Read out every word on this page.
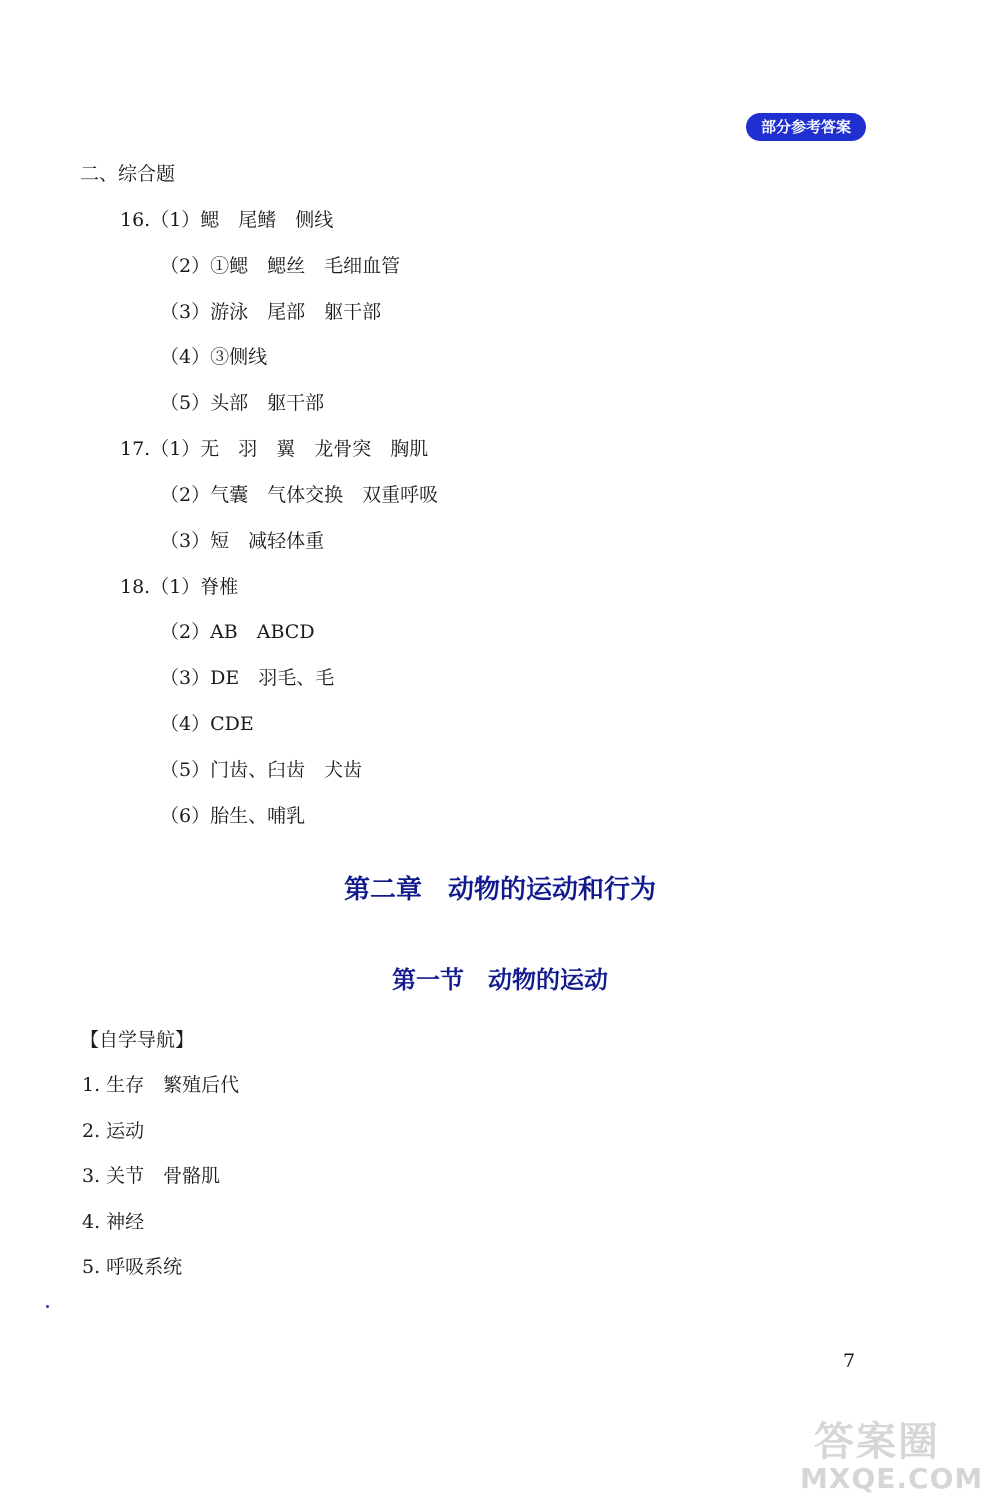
部分参考答案
二、综合题
16.（1）鳃　尾鳍　侧线
（2）①鳃　鳃丝　毛细血管
（3）游泳　尾部　躯干部
（4）③侧线
（5）头部　躯干部
17.（1）无　羽　翼　龙骨突　胸肌
（2）气囊　气体交换　双重呼吸
（3）短　减轻体重
18.（1）脊椎
（2）AB　ABCD
（3）DE　羽毛、毛
（4）CDE
（5）门齿、臼齿　犬齿
（6）胎生、哺乳
第二章　动物的运动和行为
第一节　动物的运动
【自学导航】
1. 生存　繁殖后代
2. 运动
3. 关节　骨骼肌
4. 神经
5. 呼吸系统
7
答案圈
MXQE.COM
